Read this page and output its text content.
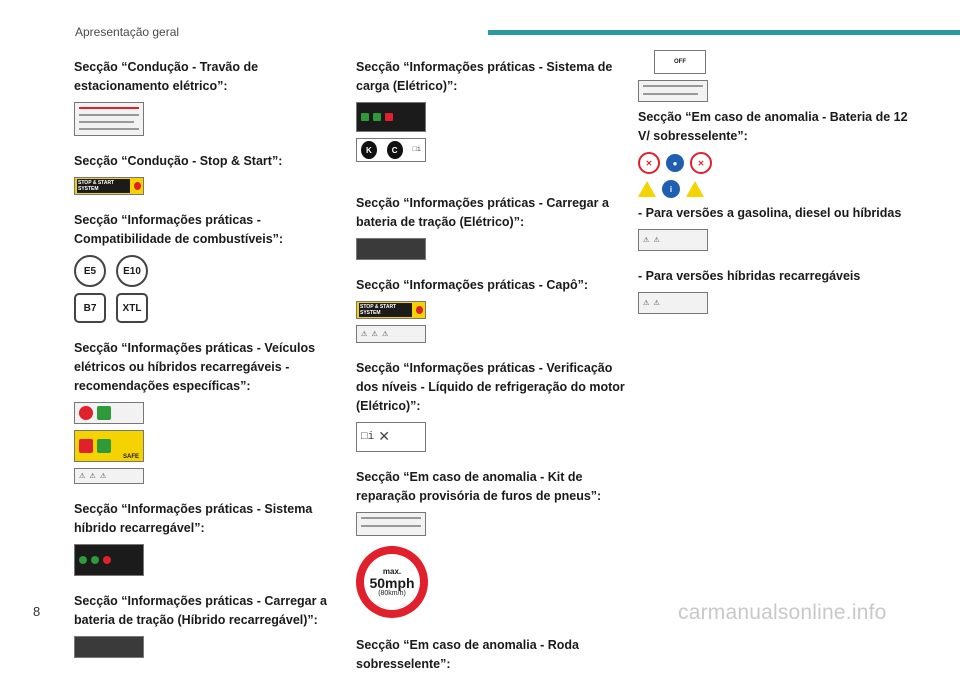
Apresentação geral
Secção “Condução - Travão de estacionamento elétrico”:
Secção “Condução - Stop & Start”:
STOP & START SYSTEM
Secção “Informações práticas - Compatibilidade de combustíveis”:
E5	E10
B7	XTL
Secção “Informações práticas - Veículos elétricos ou híbridos recarregáveis - recomendações específicas”:
SAFE
⚠ ⚠ ⚠
Secção “Informações práticas - Sistema híbrido recarregável”:
Secção “Informações práticas - Carregar a bateria de tração (Híbrido recarregável)”:
Secção “Informações práticas - Sistema de carga (Elétrico)”:
K	C	□i
Secção “Informações práticas - Carregar a bateria de tração (Elétrico)”:
Secção “Informações práticas - Capô”:
STOP & START SYSTEM
⚠ ⚠ ⚠
Secção “Informações práticas - Verificação dos níveis - Líquido de refrigeração do motor (Elétrico)”:
□i ✕
Secção “Em caso de anomalia - Kit de reparação provisória de furos de pneus”:
max.
50mph
(80km/h)
Secção “Em caso de anomalia - Roda sobresselente”:
OFF
Secção “Em caso de anomalia - Bateria de 12 V/ sobresselente”:
✕	●	✕
i
- Para versões a gasolina, diesel ou híbridas
⚠ ⚠
- Para versões híbridas recarregáveis
⚠ ⚠
8	carmanualsonline.info
